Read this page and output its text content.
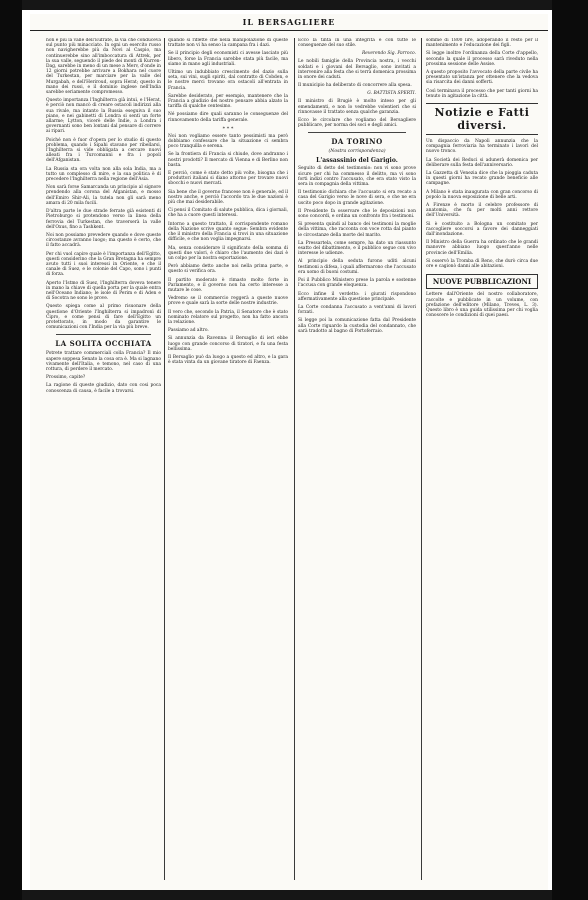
IL BERSAGLIERE

non è più la valle dell'Eufrate, la via che conduceva sul punto più minacciato. In ogni un esercito russo non navigherebbe più da Novi al Caspio, ma continuerebbe sino all'imboccatura di Attrek, per la sua valle, seguendo il piede dei monti di Kurren-Dag, sarebbe in meno di un mese a Merv, d'onde in 12 giorni potrebbe arrivare a Bokhara nel cuore del Turkestan, per marciare per la valle del Murgabah, e dell'Heriroud, sopra Herat; questo in mano dei russi, e il dominio inglese nell'India sarebbe seriamente compromesso.

Questo importanza l'Inghilterra già intuì, e l'Herat, è perciò non mancò di creare ostacoli indirizzi alla sua rivale, ma intanto la Russia eseguiva il suo piano, e nei gabinetti di Londra si sentì un forte allarme; Lytton, vicerè delle Indie, a Londra i governanti sono ben lontani dal pensare di correre ai ripari.

Poiché non è fuor d'opera per lo studio di questo problema, quando i Sipahi stavano per ribellarsi, l'Inghilterra si vide obbligata a cercare nuovi alleati fra i Turcomanni e fra i popoli dell'Afganistan.

La Russia sta ora volta non alla sola India, ma a tutto un complesso di mire, e la sua politica è di precedere l'Inghilterra nella regione dell'Asia.

Non sarà forse Samarcanda un principio al signore prendendo alla corona del Afganistan, e mosso dell'Emiro Shir-Ali, la tutela non gli sarà meno amara di 20 mila fucili.

D'altra parte le due strade ferrate già esistenti di Pietroburgo si protendono verso la linea della ferrovia del Turkestan, che traverserà la valle dell'Oxus, fino a Tashkent.

Noi non possiamo prevedere quando e dove queste circostanze avranno luogo; ma questo è certo, che il fatto accadrà.

Per chi vuol capire quale è l'importanza dell'Egitto, questi considerino che la Gran Bretagna ha sempre avuto tutti i suoi interessi in Oriente, e che il canale di Suez, e le colonie del Capo, sono i punti di forza.

Aperto l'Istmo di Suez, l'Inghilterra doveva tenere in mano la chiave di quella porta per la quale entra nell'Oceano Indiano; le isole di Perim e di Aden e di Socotra ne sono le prove.

Questo spiega come al primo risuonare della questione d'Oriente l'Inghilterra si impadronì di Cipro, e come pensi di fare dell'Egitto un protettorato, in modo da garantire le comunicazioni con l'India per la via più breve.

LA SOLITA OCCHIATA

Potrete trattare commerciali colla Francia? Il mio sapere soppesa Senato la cosa ora è. Ma si lagnano vivamente dell'Italia, e temono, nel caso di una rottura, di perdere il mercato.

Prossimo, capite?

La ragione di queste giudizio, dato con cosi poca conoscenza di causa, è facile a trovarsi.

quando si riflette che nella manipolazione di queste trattate non vi ha senso la campana fra i dazi.

Se il principio degli economisti ci avesse lasciato più libero, forse la Francia sarebbe stata più facile, ma siamo in mano agli industriali.

Ultimo un indubbiato crescimento del dazio sulla seta, sui vini, sugli spiriti, dal contratto di Cobden, e le nostre merci trovano ora ostacoli all'entrata in Francia.

Sarebbe desiderato, per esempio, mantenere che la Francia a giudizio del nostro pensare abbia alzato la tariffa di qualche centesimo.

Né possiamo dire quali saranno le conseguenze del rinnovamento della tariffa generale.

* * *

Noi non vogliamo essere tanto pessimisti ma però dobbiamo confessare che la situazione ci sembra poco tranquilla e serena.

Se la frontiera di Francia si chiude, dove andranno i nostri prodotti? Il mercato di Vienna e di Berlino non basta.

E perciò, come è stato detto più volte, bisogna che i produttori italiani si diano attorno per trovare nuovi sbocchi e nuovi mercati.

Sia bene che il governo francese non è generale, ed il nostro anche, e perciò l'accordo tra le due nazioni è più che mai desiderabile.

Ci pensi il Comitato di salute pubblica, dica i giornali, che ha a cuore questi interessi.

Intorno a questo trattato, il corrispondente romano della Nazione scrive quanto segue: Sembra evidente che il ministro della Francia si trovi in una situazione difficile, e che non voglia impegnarsi.

Ma, senza considerare il significato della somma di questi due valori, è chiaro che l'aumento dei dazi è un colpo per la nostra esportazione.

Però abbiamo detto anche noi nella prima parte, e questo si verifica ora.

Il partito moderato è rimasto molto forte in Parlamento, e il governo non ha certo interesse a mutare le cose.

Vedremo se il commercio reggerà a queste nuove prove e quale sarà la sorte delle nostre industrie.

Il vero che, secondo la Patria, il Senatore che è stato nominato relatore sul progetto, non ha fatto ancora la relazione.

Passiamo ad altro.

Si annunzia da Ravenna: il Bersaglio di ieri ebbe luogo con grande concorso di tiratori, e fu una festa bellissima.

Il Bersaglio può da luogo a questo ed altro, e la gara è stata vinta da un giovane tiratore di Faenza.

Ecco la tinta in una integrità e con tutte le conseguenze del suo stile.

Reverendo Sig. Parroco.

Le nobili famiglie della Provincia nostra, i vecchi soldati e i giovani del Bersaglio, sono invitati a intervenire alla festa che si terrà domenica prossima in onore dei caduti.

Il municipio ha deliberato di concorrere alla spesa.

G. BATTISTA SPERTI.

Il ministro di Brugiè è molto inteso per gli emendamenti, e non lo vedrebbe volentieri che si rinnovasse il trattato senza qualche garanzia.

Ecco le circolare che vogliamo del Bersagliere pubblicare, per norma dei soci e degli amici.

DA TORINO
(Nostra corrispondenza)
L'assassinio del Garigio.

Seguito di detto del testimonio: non vi sono prove sicure per chi ha commesso il delitto, ma vi sono forti indizi contro l'accusato, che era stato visto la sera in compagnia della vittima.

Il testimonio dichiara che l'accusato si era recato a casa del Garigio verso le nove di sera, e che ne era uscito poco dopo in grande agitazione.

Il Presidente fa osservare che le deposizioni non sono concordi, e ordina un confronto fra i testimoni.

Si presenta quindi al banco dei testimoni la moglie della vittima, che racconta con voce rotta dal pianto le circostanze della morte del marito.

La Pressartela, come sempre, ha dato un riassunto esatto del dibattimento, e il pubblico segue con vivo interesse le udienze.

Al principio della seduta furono uditi alcuni testimoni a difesa, i quali affermarono che l'accusato era uomo di buoni costumi.

Poi il Pubblico Ministero prese la parola e sostenne l'accusa con grande eloquenza.

Ecco infine il verdetto: i giurati rispondono affermativamente alla questione principale.

La Corte condanna l'accusato a vent'anni di lavori forzati.

Si legge poi la comunicazione fatta dal Presidente alla Corte riguardo la custodia del condannato, che sarà tradotto al bagno di Portoferraio.

somme di 1800 lire, adoperando il resto per il mantenimento e l'educazione dei figli.

Si legge inoltre l'ordinanza della Corte d'appello, secondo la quale il processo sarà riveduto nella prossima sessione delle Assise.

A questo proposito l'avvocato della parte civile ha presentato un'istanza per ottenere che la vedova sia risarcita dei danni sofferti.

Così terminava il processo che per tanti giorni ha tenuto in agitazione la città.

Notizie e Fatti diversi.

Un dispaccio da Napoli annunzia che la compagnia ferroviaria ha terminato i lavori del nuovo tronco.

La Società dei Reduci si adunerà domenica per deliberare sulla festa dell'anniversario.

La Gazzetta di Venezia dice che la pioggia caduta in questi giorni ha recato grande beneficio alle campagne.

A Milano è stata inaugurata con gran concorso di popolo la nuova esposizione di belle arti.

A Firenze è morto il celebre professore di anatomia, che fu per molti anni rettore dell'Università.

Si è costituito a Bologna un comitato per raccogliere soccorsi a favore dei danneggiati dall'inondazione.

Il Ministro della Guerra ha ordinato che le grandi manovre abbiano luogo quest'anno nelle provincie dell'Emilia.

Si osservò la Tromba di Reno, che durò circa due ore e cagionò danni alle abitazioni.

NUOVE PUBBLICAZIONI

Lettere dall'Oriente del nostro collaboratore, raccolte e pubblicate in un volume, con prefazione dell'editore (Milano, Treves, L. 3). Questo libro è una guida utilissima per chi voglia conoscere le condizioni di quei paesi.
